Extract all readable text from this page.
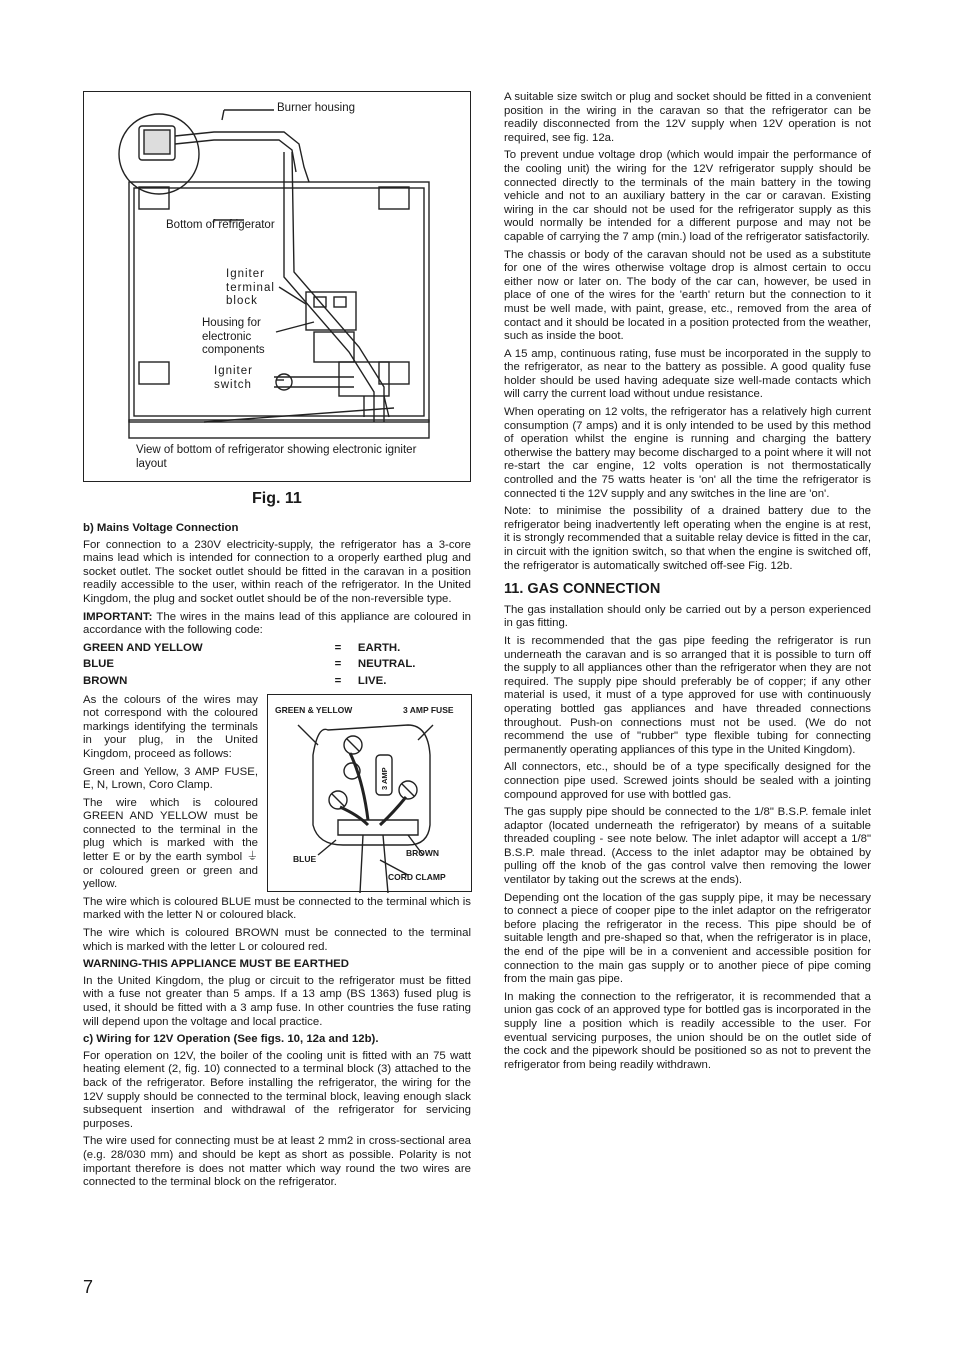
Burner housing
Bottom of refrigerator
Igniter terminal block
Housing for electronic components
Igniter switch
View of bottom of refrigerator showing electronic igniter layout
Fig. 11

b) Mains Voltage Connection

For connection to a 230V electricity-supply, the refrigerator has a 3-core mains lead which is intended for connection to a oroperly earthed plug and socket outlet. The socket outlet should be fitted in the caravan in a position readily accessible to the user, within reach of the refrigerator. In the United Kingdom, the plug and socket outlet should be of the non-reversible type.

IMPORTANT: The wires in the mains lead of this appliance are coloured in accordance with the following code:

GREEN AND YELLOW	=	EARTH.
BLUE	=	NEUTRAL.
BROWN	=	LIVE.

As the colours of the wires may not correspond with the coloured markings identifying the terminals in your plug, in the United Kingdom, proceed as follows:

Green and Yellow, 3 AMP FUSE, E, N, Lrown, Coro Clamp.

The wire which is coloured GREEN AND YELLOW must be connected to the terminal in the plug which is marked with the letter E or by the earth symbol ⏚ or coloured green or green and yellow.

GREEN & YELLOW	3 AMP FUSE
3 AMP
BLUE
BROWN
CORD CLAMP

The wire which is coloured BLUE must be connected to the terminal which is marked with the letter N or coloured black.

The wire which is coloured BROWN must be connected to the terminal which is marked with the letter L or coloured red.

WARNING-THIS APPLIANCE MUST BE EARTHED

In the United Kingdom, the plug or circuit to the refrigerator must be fitted with a fuse not greater than 5 amps. If a 13 amp (BS 1363) fused plug is used, it should be fitted with a 3 amp fuse. In other countries the fuse rating will depend upon the voltage and local practice.

c) Wiring for 12V Operation (See figs. 10, 12a and 12b).

For operation on 12V, the boiler of the cooling unit is fitted with an 75 watt heating element (2, fig. 10) connected to a terminal block (3) attached to the back of the refrigerator. Before installing the refrigerator, the wiring for the 12V supply should be connected to the terminal block, leaving enough slack subsequent insertion and withdrawal of the refrigerator for servicing purposes.

The wire used for connecting must be at least 2 mm2 in cross-sectional area (e.g. 28/030 mm) and should be kept as short as possible. Polarity is not important therefore is does not matter which way round the two wires are connected to the terminal block on the refrigerator.

A suitable size switch or plug and socket should be fitted in a convenient position in the wiring in the caravan so that the refrigerator can be readily disconnected from the 12V supply when 12V operation is not required, see fig. 12a.

To prevent undue voltage drop (which would impair the performance of the cooling unit) the wiring for the 12V refrigerator supply should be connected directly to the terminals of the main battery in the towing vehicle and not to an auxiliary battery in the car or caravan. Existing wiring in the car should not be used for the refrigerator supply as this would normally be intended for a different purpose and may not be capable of carrying the 7 amp (min.) load of the refrigerator satisfactorily.

The chassis or body of the caravan should not be used as a substitute for one of the wires otherwise voltage drop is almost certain to occu either now or later on. The body of the car can, however, be used in place of one of the wires for the 'earth' return but the connection to it must be well made, with paint, grease, etc., removed from the area of contact and it should be located in a position protected from the weather, such as inside the boot.

A 15 amp, continuous rating, fuse must be incorporated in the supply to the refrigerator, as near to the battery as possible. A good quality fuse holder should be used having adequate size well-made contacts which will carry the current load without undue resistance.

When operating on 12 volts, the refrigerator has a relatively high current consumption (7 amps) and it is only intended to be used by this method of operation whilst the engine is running and charging the battery otherwise the battery may become discharged to a point where it will not re-start the car engine, 12 volts operation is not thermostatically controlled and the 75 watts heater is 'on' all the time the refrigerator is connected ti the 12V supply and any switches in the line are 'on'.

Note: to minimise the possibility of a drained battery due to the refrigerator being inadvertently left operating when the engine is at rest, it is strongly recommended that a suitable relay device is fitted in the car, in circuit with the ignition switch, so that when the engine is switched off, the refrigerator is automatically switched off-see Fig. 12b.

11. GAS CONNECTION

The gas installation should only be carried out by a person experienced in gas fitting.

It is recommended that the gas pipe feeding the refrigerator is run underneath the caravan and is so arranged that it is possible to turn off the supply to all appliances other than the refrigerator when they are not required. The supply pipe should preferably be of copper; if any other material is used, it must of a type approved for use with continuously operating bottled gas appliances and have threaded connections throughout. Push-on connections must not be used. (We do not recommend the use of "rubber" type flexible tubing for connecting permanently operating appliances of this type in the United Kingdom).

All connectors, etc., should be of a type specifically designed for the connection pipe used. Screwed joints should be sealed with a jointing compound approved for use with bottled gas.

The gas supply pipe should be connected to the 1/8" B.S.P. female inlet adaptor (located underneath the refrigerator) by means of a suitable threaded coupling - see note below. The inlet adaptor will accept a 1/8" B.S.P. male thread. (Access to the inlet adaptor may be obtained by pulling off the knob of the gas control valve then removing the lower ventilator by taking out the screws at the ends).

Depending ont the location of the gas supply pipe, it may be necessary to connect a piece of cooper pipe to the inlet adaptor on the refrigerator before placing the refrigerator in the recess. This pipe should be of suitable length and pre-shaped so that, when the refrigerator is in place, the end of the pipe will be in a convenient and accessible position for connection to the main gas supply or to another piece of pipe coming from the main gas pipe.

In making the connection to the refrigerator, it is recommended that a union gas cock of an approved type for bottled gas is incorporated in the supply line a position which is readily accessible to the user. For eventual servicing purposes, the union should be on the outlet side of the cock and the pipework should be positioned so as not to prevent the refrigerator from being readily withdrawn.

7
